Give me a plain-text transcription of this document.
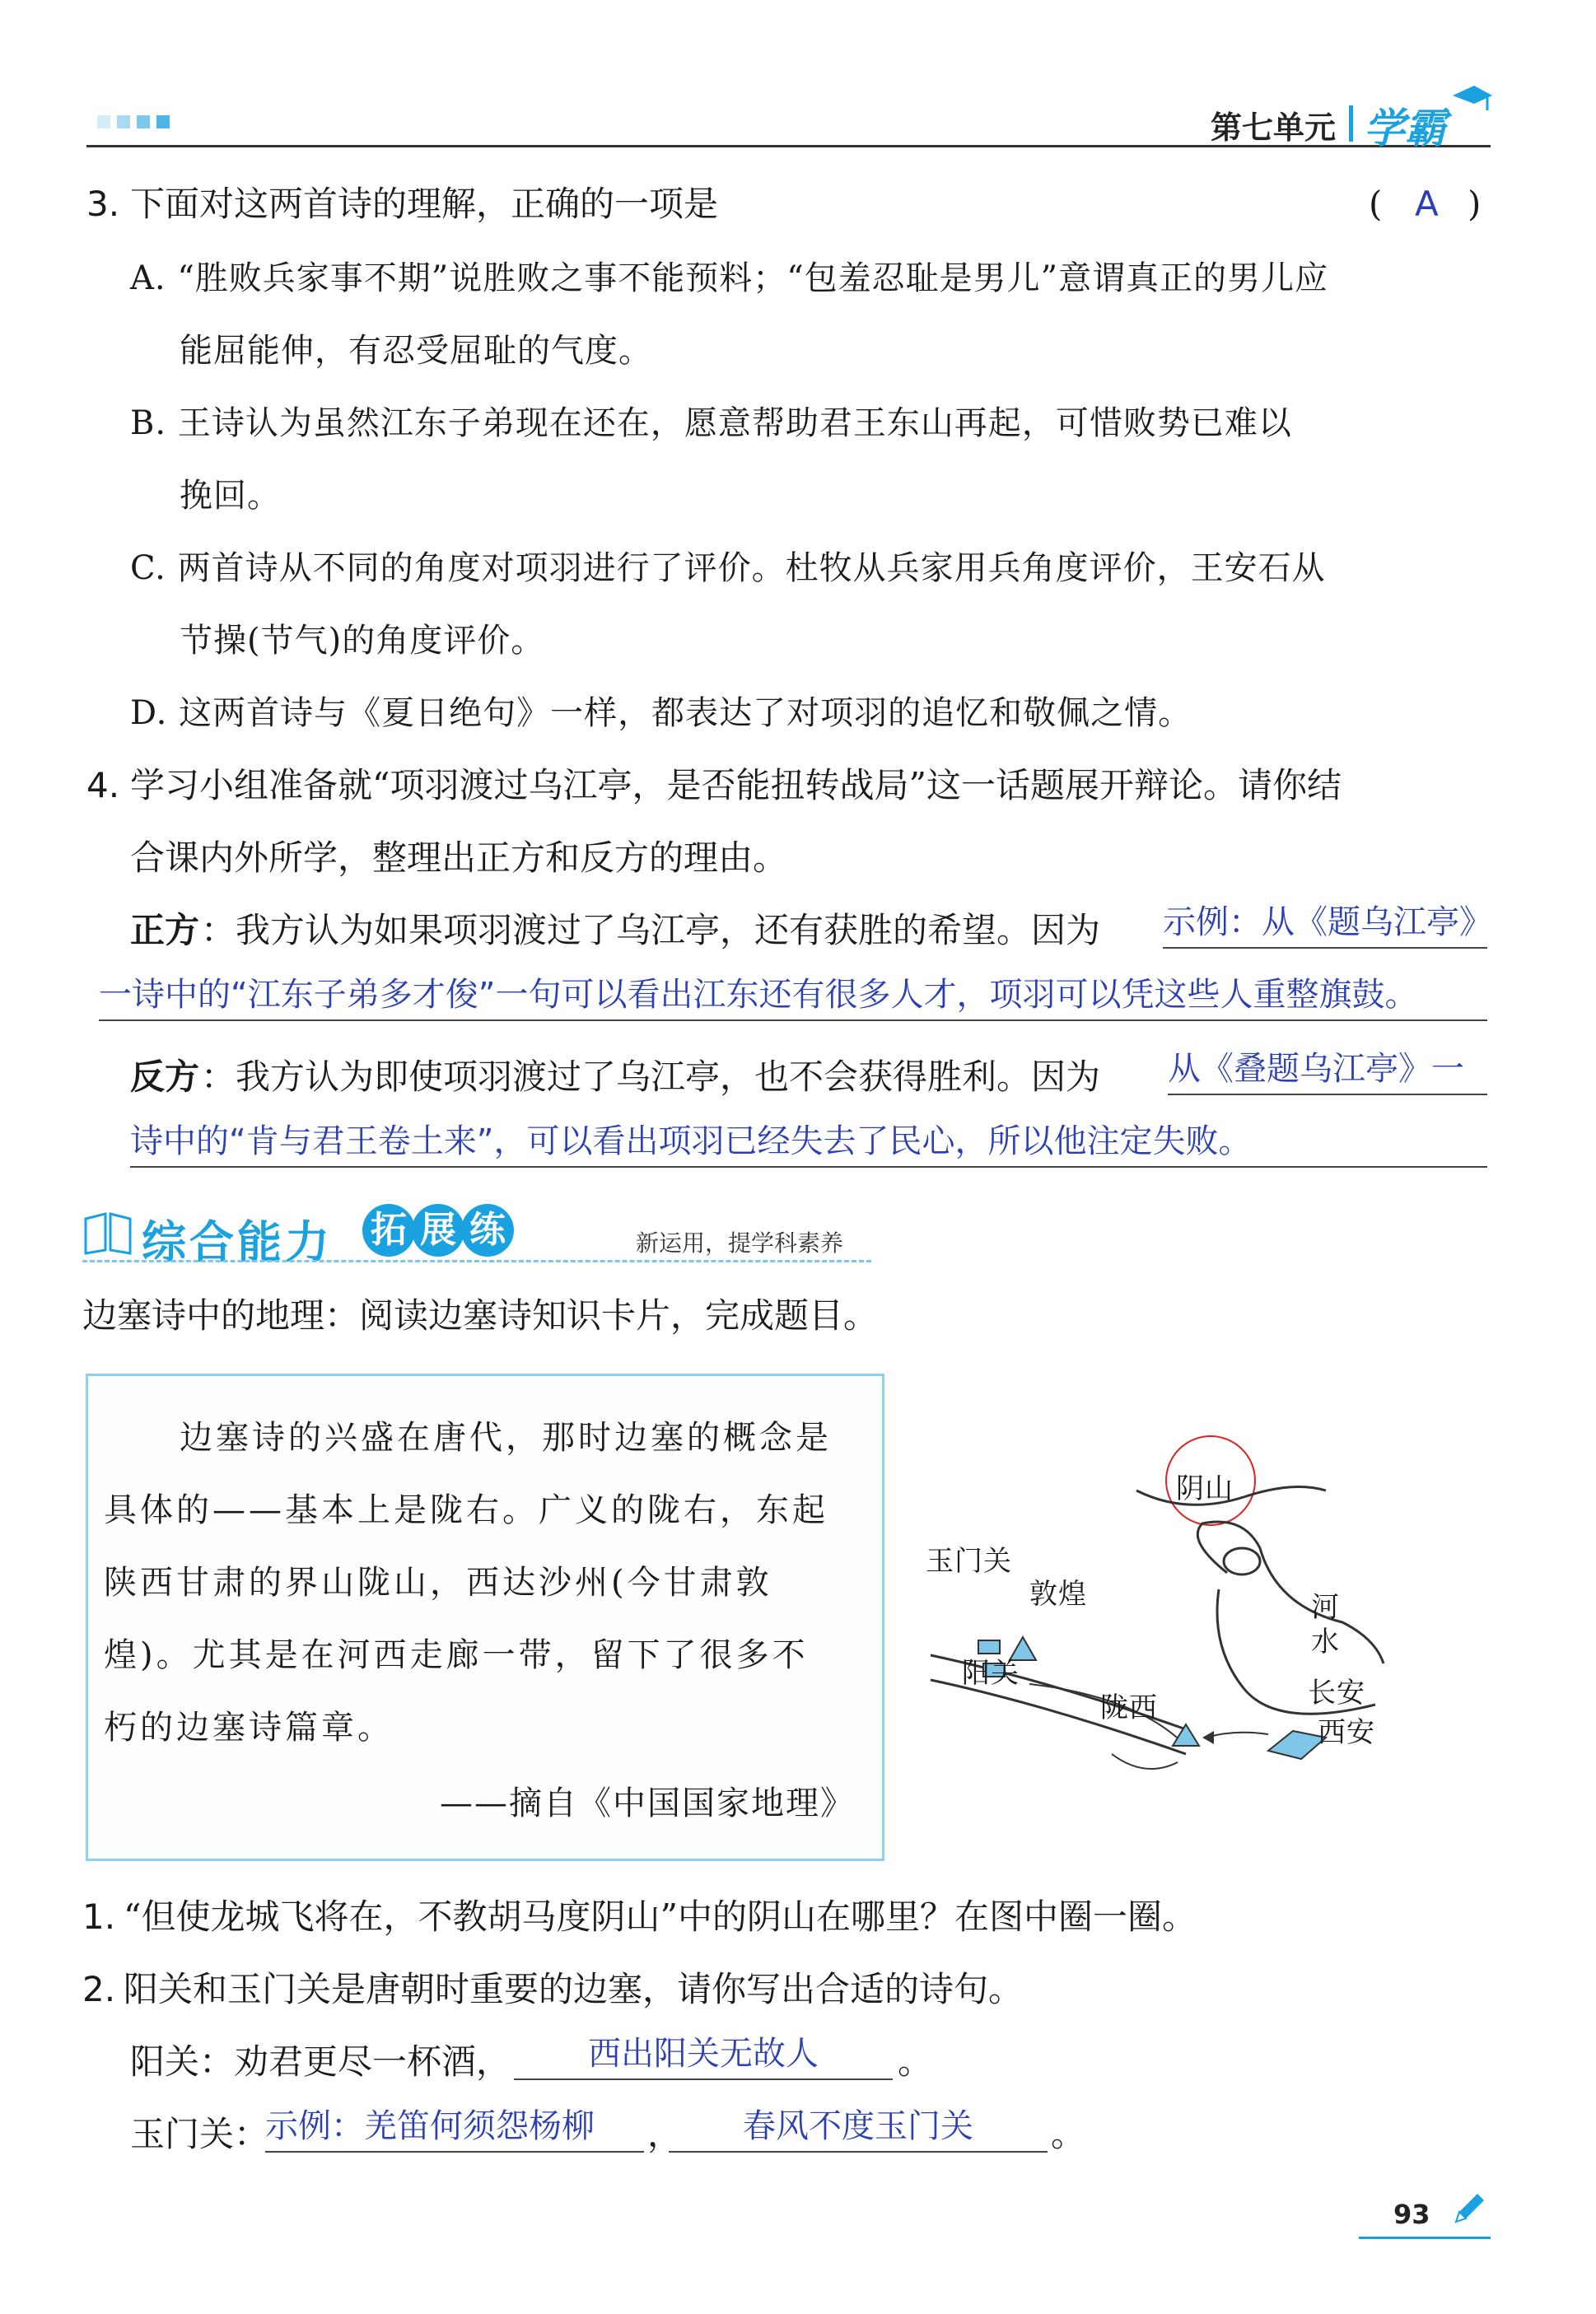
第七单元 学霸
3. 下面对这两首诗的理解，正确的一项是	( A )
A. “胜败兵家事不期”说胜败之事不能预料；“包羞忍耻是男儿”意谓真正的男儿应
能屈能伸，有忍受屈耻的气度。
B. 王诗认为虽然江东子弟现在还在，愿意帮助君王东山再起，可惜败势已难以
挽回。
C. 两首诗从不同的角度对项羽进行了评价。杜牧从兵家用兵角度评价，王安石从
节操(节气)的角度评价。
D. 这两首诗与《夏日绝句》一样，都表达了对项羽的追忆和敬佩之情。
4. 学习小组准备就“项羽渡过乌江亭，是否能扭转战局”这一话题展开辩论。请你结
合课内外所学，整理出正方和反方的理由。
正方 ：我方认为如果项羽渡过了乌江亭，还有获胜的希望。因为 示例：从《题乌江亭》
一诗中的“江东子弟多才俊”一句可以看出江东还有很多人才，项羽可以凭这些人重整旗鼓。
反方 ：我方认为即使项羽渡过了乌江亭，也不会获得胜利。因为 从《叠题乌江亭》一
诗中的“肯与君王卷土来”，可以看出项羽已经失去了民心，所以他注定失败。
综合能力 拓 展 练	新运用，提学科素养
边塞诗中的地理：阅读边塞诗知识卡片，完成题目。
边塞诗的兴盛在唐代，那时边塞的概念是
具体的——基本上是陇右。广义的陇右，东起
陕西甘肃的界山陇山，西达沙州(今甘肃敦
煌)。尤其是在河西走廊一带，留下了很多不
朽的边塞诗篇章。
——摘自《中国国家地理》
阴山
玉门关
敦煌
阳关
河
水
陇西	长安
西安
1. “但使龙城飞将在，不教胡马度阴山”中的阴山在哪里？在图中圈一圈。
2. 阳关和玉门关是唐朝时重要的边塞，请你写出合适的诗句。
阳关：劝君更尽一杯酒，	西出阳关无故人	。
玉门关：
示例：羌笛何须怨杨柳	，	春风不度玉门关	。
93
